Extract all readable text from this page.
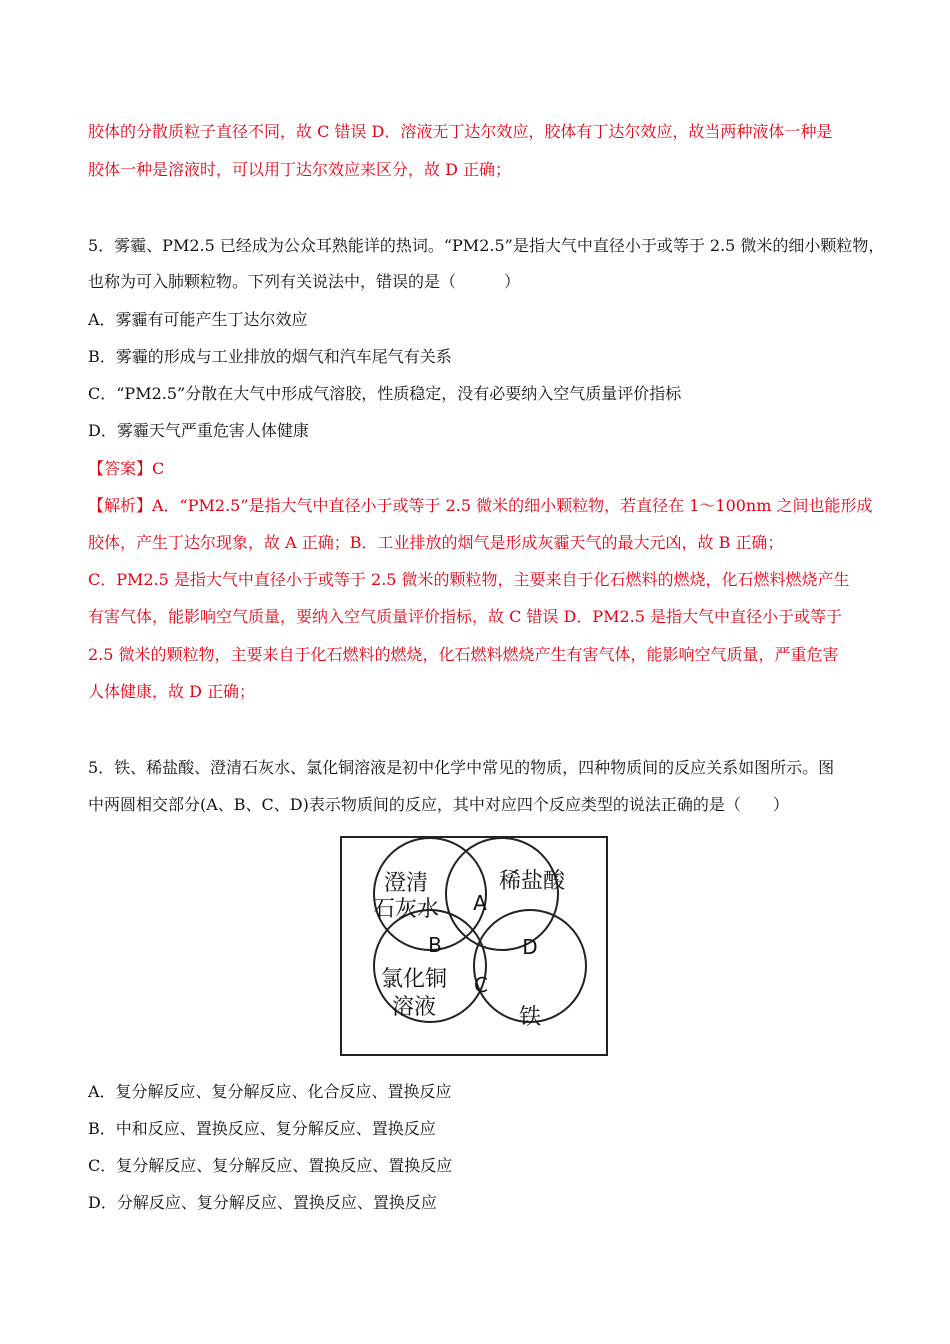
胶体的分散质粒子直径不同，故 C 错误 D．溶液无丁达尔效应，胶体有丁达尔效应，故当两种液体一种是
胶体一种是溶液时，可以用丁达尔效应来区分，故 D 正确；
5．雾霾、PM2.5 已经成为公众耳熟能详的热词。“PM2.5”是指大气中直径小于或等于 2.5 微米的细小颗粒物，
也称为可入肺颗粒物。下列有关说法中，错误的是（　　　）
A．雾霾有可能产生丁达尔效应
B．雾霾的形成与工业排放的烟气和汽车尾气有关系
C．“PM2.5”分散在大气中形成气溶胶，性质稳定，没有必要纳入空气质量评价指标
D．雾霾天气严重危害人体健康
【答案】C
【解析】A．“PM2.5”是指大气中直径小于或等于 2.5 微米的细小颗粒物，若直径在 1～100nm 之间也能形成
胶体，产生丁达尔现象，故 A 正确；B．工业排放的烟气是形成灰霾天气的最大元凶，故 B 正确；
C．PM2.5 是指大气中直径小于或等于 2.5 微米的颗粒物，主要来自于化石燃料的燃烧，化石燃料燃烧产生
有害气体，能影响空气质量，要纳入空气质量评价指标，故 C 错误 D．PM2.5 是指大气中直径小于或等于
2.5 微米的颗粒物，主要来自于化石燃料的燃烧，化石燃料燃烧产生有害气体，能影响空气质量，严重危害
人体健康，故 D 正确；
5．铁、稀盐酸、澄清石灰水、氯化铜溶液是初中化学中常见的物质，四种物质间的反应关系如图所示。图
中两圆相交部分(A、B、C、D)表示物质间的反应，其中对应四个反应类型的说法正确的是（　　）
澄清
石灰水
稀盐酸
氯化铜
溶液	铁
A
B
C
D
A．复分解反应、复分解反应、化合反应、置换反应
B．中和反应、置换反应、复分解反应、置换反应
C．复分解反应、复分解反应、置换反应、置换反应
D．分解反应、复分解反应、置换反应、置换反应
